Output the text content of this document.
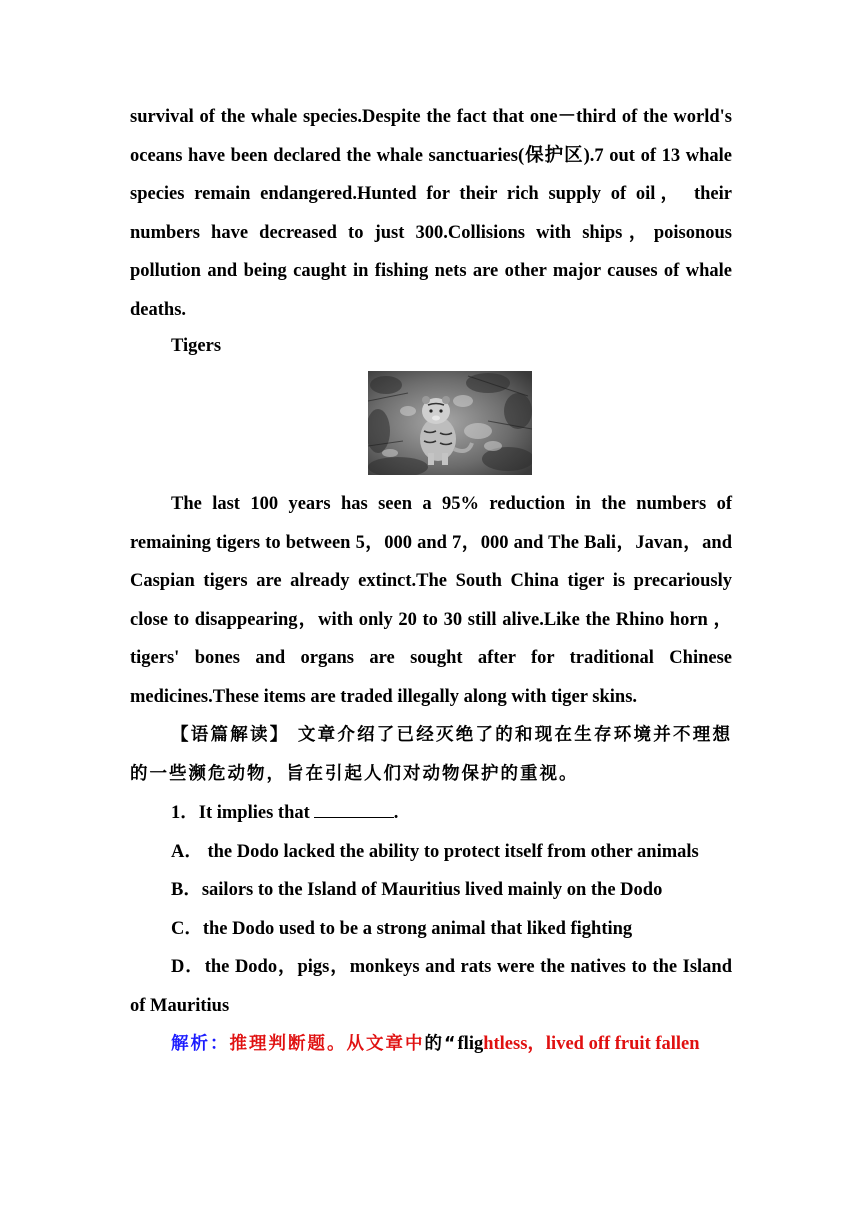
survival of the whale species.Despite the fact that one－third of the world's oceans have been declared the whale sanctuaries(保护区).7 out of 13 whale species remain endangered.Hunted for their rich supply of oil， their numbers have decreased to just 300.Collisions with ships，poisonous pollution and being caught in fishing nets are other major causes of whale deaths.

Tigers

The last 100 years has seen a 95% reduction in the numbers of remaining tigers to between 5，000 and 7，000 and The Bali，Javan，and Caspian tigers are already extinct.The South China tiger is precariously close to disappearing，with only 20 to 30 still alive.Like the Rhino horn ， tigers' bones and organs are sought after for traditional Chinese medicines.These items are traded illegally along with tiger skins.

【语篇解读】 文章介绍了已经灭绝了的和现在生存环境并不理想的一些濒危动物，旨在引起人们对动物保护的重视。

1．It implies that	.

A． the Dodo lacked the ability to protect itself from other animals

B．sailors to the Island of Mauritius lived mainly on the Dodo

C．the Dodo used to be a strong animal that liked fighting

D．the Dodo，pigs，monkeys and rats were the natives to the Island of Mauritius

解析：推理判断题。从文章中的“flightless，lived off fruit fallen
